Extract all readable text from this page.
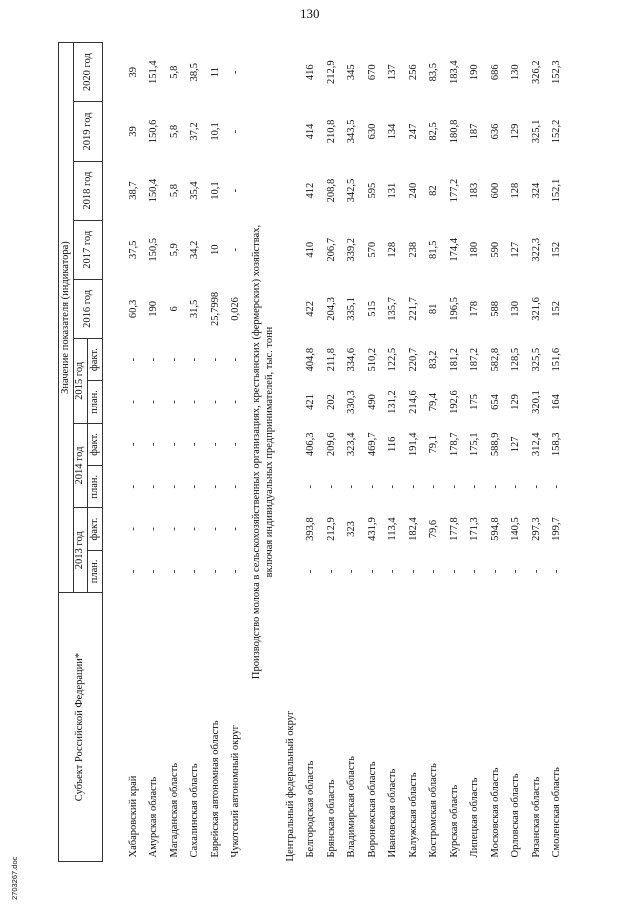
130
2703267.doc
Субъект Российской Федерации*	Значение показателя (индикатора)										
	2013 год		2014 год		2015 год		2016 год	2017 год	2018 год	2019 год	2020 год
	план.	факт.	план.	факт.	план.	факт.					

Хабаровский край	-	-	-	-	-	-	60,3	37,5	38,7	39	39
Амурская область	-	-	-	-	-	-	190	150,5	150,4	150,6	151,4
Магаданская область	-	-	-	-	-	-	6	5,9	5,8	5,8	5,8
Сахалинская область	-	-	-	-	-	-	31,5	34,2	35,4	37,2	38,5
Еврейская автономная область	-	-	-	-	-	-	25,7998	10	10,1	10,1	11
Чукотский автономный округ	-	-	-	-	-	-	0,026	-	-	-	-

Производство молока в сельскохозяйственных организациях, крестьянских (фермерских) хозяйствах, включая индивидуальных предпринимателей, тыс. тонн											

Центральный федеральный округ											
Белгородская область	-	393,8	-	406,3	421	404,8	422	410	412	414	416
Брянская область	-	212,9	-	209,6	202	211,8	204,3	206,7	208,8	210,8	212,9
Владимирская область	-	323	-	323,4	330,3	334,6	335,1	339,2	342,5	343,5	345
Воронежская область	-	431,9	-	469,7	490	510,2	515	570	595	630	670
Ивановская область	-	113,4	-	116	131,2	122,5	135,7	128	131	134	137
Калужская область	-	182,4	-	191,4	214,6	220,7	221,7	238	240	247	256
Костромская область	-	79,6	-	79,1	79,4	83,2	81	81,5	82	82,5	83,5
Курская область	-	177,8	-	178,7	192,6	181,2	196,5	174,4	177,2	180,8	183,4
Липецкая область	-	171,3	-	175,1	175	187,2	178	180	183	187	190
Московская область	-	594,8	-	588,9	654	582,8	588	590	600	636	686
Орловская область	-	140,5	-	127	129	128,5	130	127	128	129	130
Рязанская область	-	297,3	-	312,4	320,1	325,5	321,6	322,3	324	325,1	326,2
Смоленская область	-	199,7	-	158,3	164	151,6	152	152	152,1	152,2	152,3
